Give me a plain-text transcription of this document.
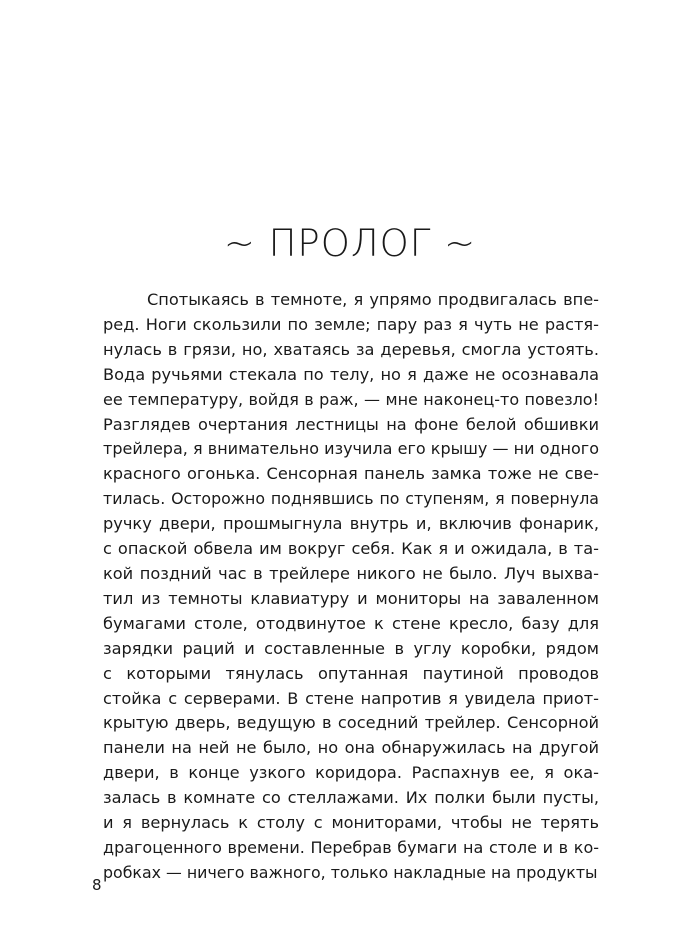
~ ПРОЛОГ ~
Спотыкаясь в темноте, я упрямо продвигалась впе-
ред. Ноги скользили по земле; пару раз я чуть не растя-
нулась в грязи, но, хватаясь за деревья, смогла устоять.
Вода ручьями стекала по телу, но я даже не осознавала
ее температуру, войдя в раж, — мне наконец-то повезло!
Разглядев очертания лестницы на фоне белой обшивки
трейлера, я внимательно изучила его крышу — ни одного
красного огонька. Сенсорная панель замка тоже не све-
тилась. Осторожно поднявшись по ступеням, я повернула
ручку двери, прошмыгнула внутрь и, включив фонарик,
с опаской обвела им вокруг себя. Как я и ожидала, в та-
кой поздний час в трейлере никого не было. Луч выхва-
тил из темноты клавиатуру и мониторы на заваленном
бумагами столе, отодвинутое к стене кресло, базу для
зарядки раций и составленные в углу коробки, рядом
с которыми тянулась опутанная паутиной проводов
стойка с серверами. В стене напротив я увидела приот-
крытую дверь, ведущую в соседний трейлер. Сенсорной
панели на ней не было, но она обнаружилась на другой
двери, в конце узкого коридора. Распахнув ее, я ока-
залась в комнате со стеллажами. Их полки были пусты,
и я вернулась к столу с мониторами, чтобы не терять
драгоценного времени. Перебрав бумаги на столе и в ко-
робках — ничего важного, только накладные на продукты
8
